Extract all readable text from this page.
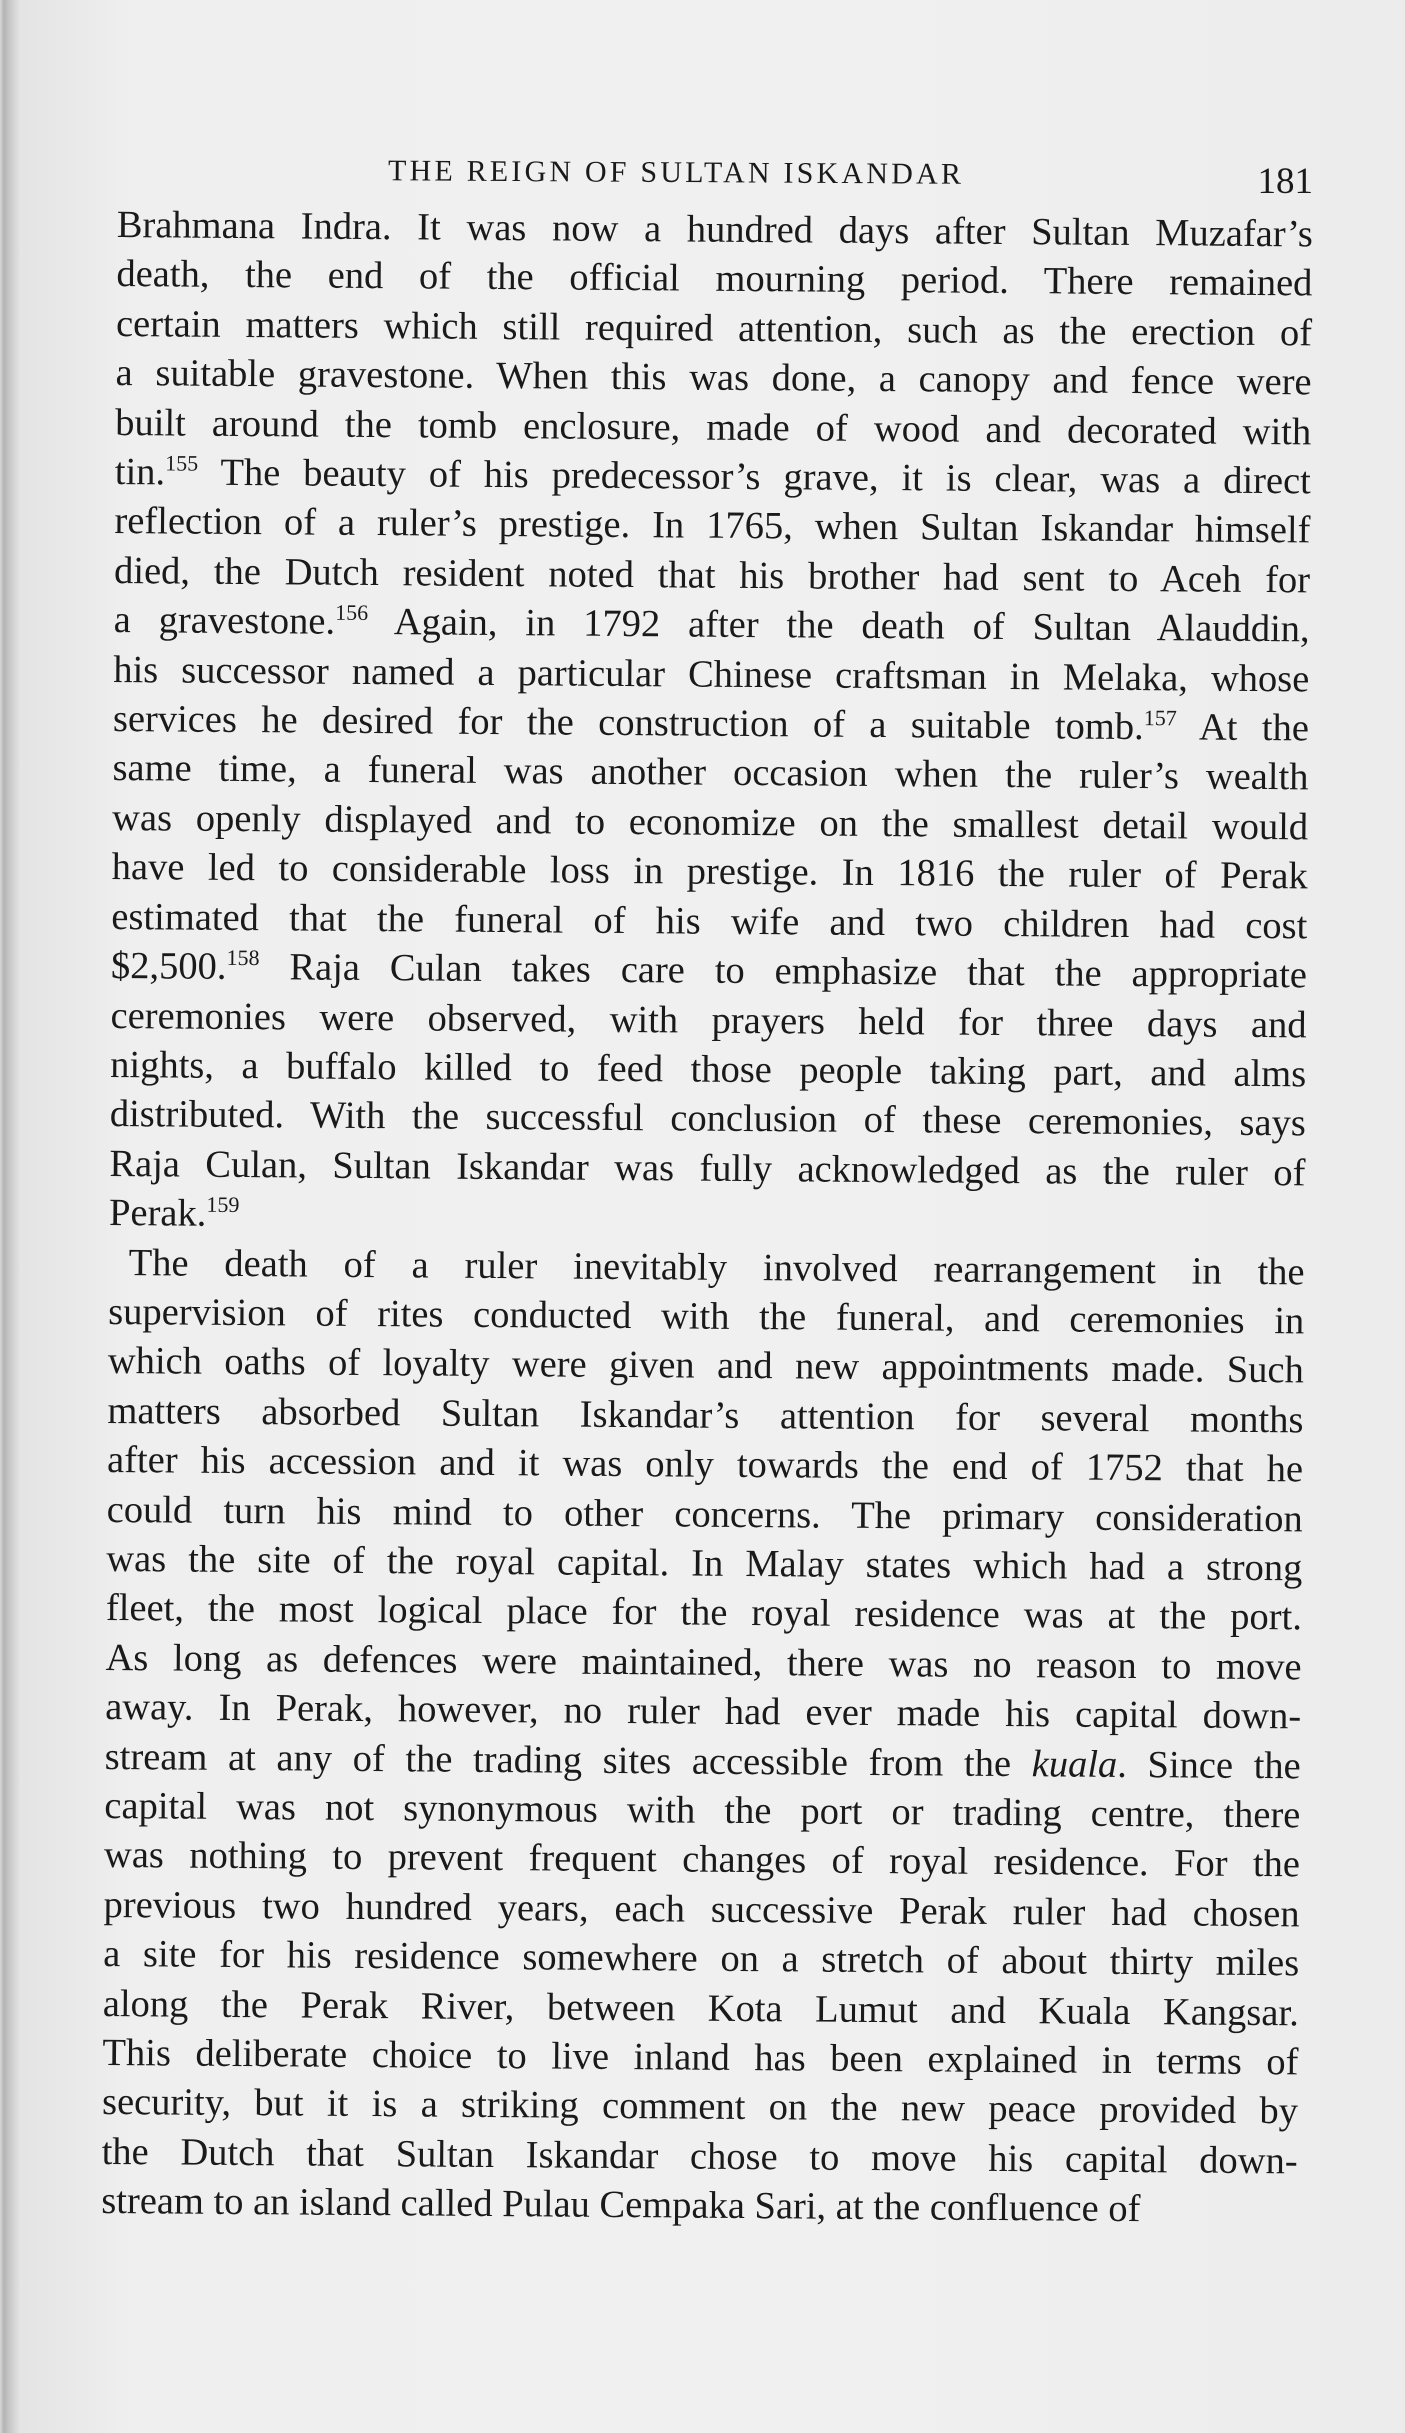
THE REIGN OF SULTAN ISKANDAR	181

Brahmana Indra. It was now a hundred days after Sultan Muzafar’s
death, the end of the official mourning period. There remained
certain matters which still required attention, such as the erection of
a suitable gravestone. When this was done, a canopy and fence were
built around the tomb enclosure, made of wood and decorated with
tin.$^{155}$ The beauty of his predecessor’s grave, it is clear, was a direct
reflection of a ruler’s prestige. In 1765, when Sultan Iskandar himself
died, the Dutch resident noted that his brother had sent to Aceh for
a gravestone.$^{156}$ Again, in 1792 after the death of Sultan Alauddin,
his successor named a particular Chinese craftsman in Melaka, whose
services he desired for the construction of a suitable tomb.$^{157}$ At the
same time, a funeral was another occasion when the ruler’s wealth
was openly displayed and to economize on the smallest detail would
have led to considerable loss in prestige. In 1816 the ruler of Perak
estimated that the funeral of his wife and two children had cost
$2,500.$^{158}$ Raja Culan takes care to emphasize that the appropriate
ceremonies were observed, with prayers held for three days and
nights, a buffalo killed to feed those people taking part, and alms
distributed. With the successful conclusion of these ceremonies, says
Raja Culan, Sultan Iskandar was fully acknowledged as the ruler of
Perak.$^{159}$

The death of a ruler inevitably involved rearrangement in the
supervision of rites conducted with the funeral, and ceremonies in
which oaths of loyalty were given and new appointments made. Such
matters absorbed Sultan Iskandar’s attention for several months
after his accession and it was only towards the end of 1752 that he
could turn his mind to other concerns. The primary consideration
was the site of the royal capital. In Malay states which had a strong
fleet, the most logical place for the royal residence was at the port.
As long as defences were maintained, there was no reason to move
away. In Perak, however, no ruler had ever made his capital down-
stream at any of the trading sites accessible from the kuala. Since the
capital was not synonymous with the port or trading centre, there
was nothing to prevent frequent changes of royal residence. For the
previous two hundred years, each successive Perak ruler had chosen
a site for his residence somewhere on a stretch of about thirty miles
along the Perak River, between Kota Lumut and Kuala Kangsar.
This deliberate choice to live inland has been explained in terms of
security, but it is a striking comment on the new peace provided by
the Dutch that Sultan Iskandar chose to move his capital down-
stream to an island called Pulau Cempaka Sari, at the confluence of
